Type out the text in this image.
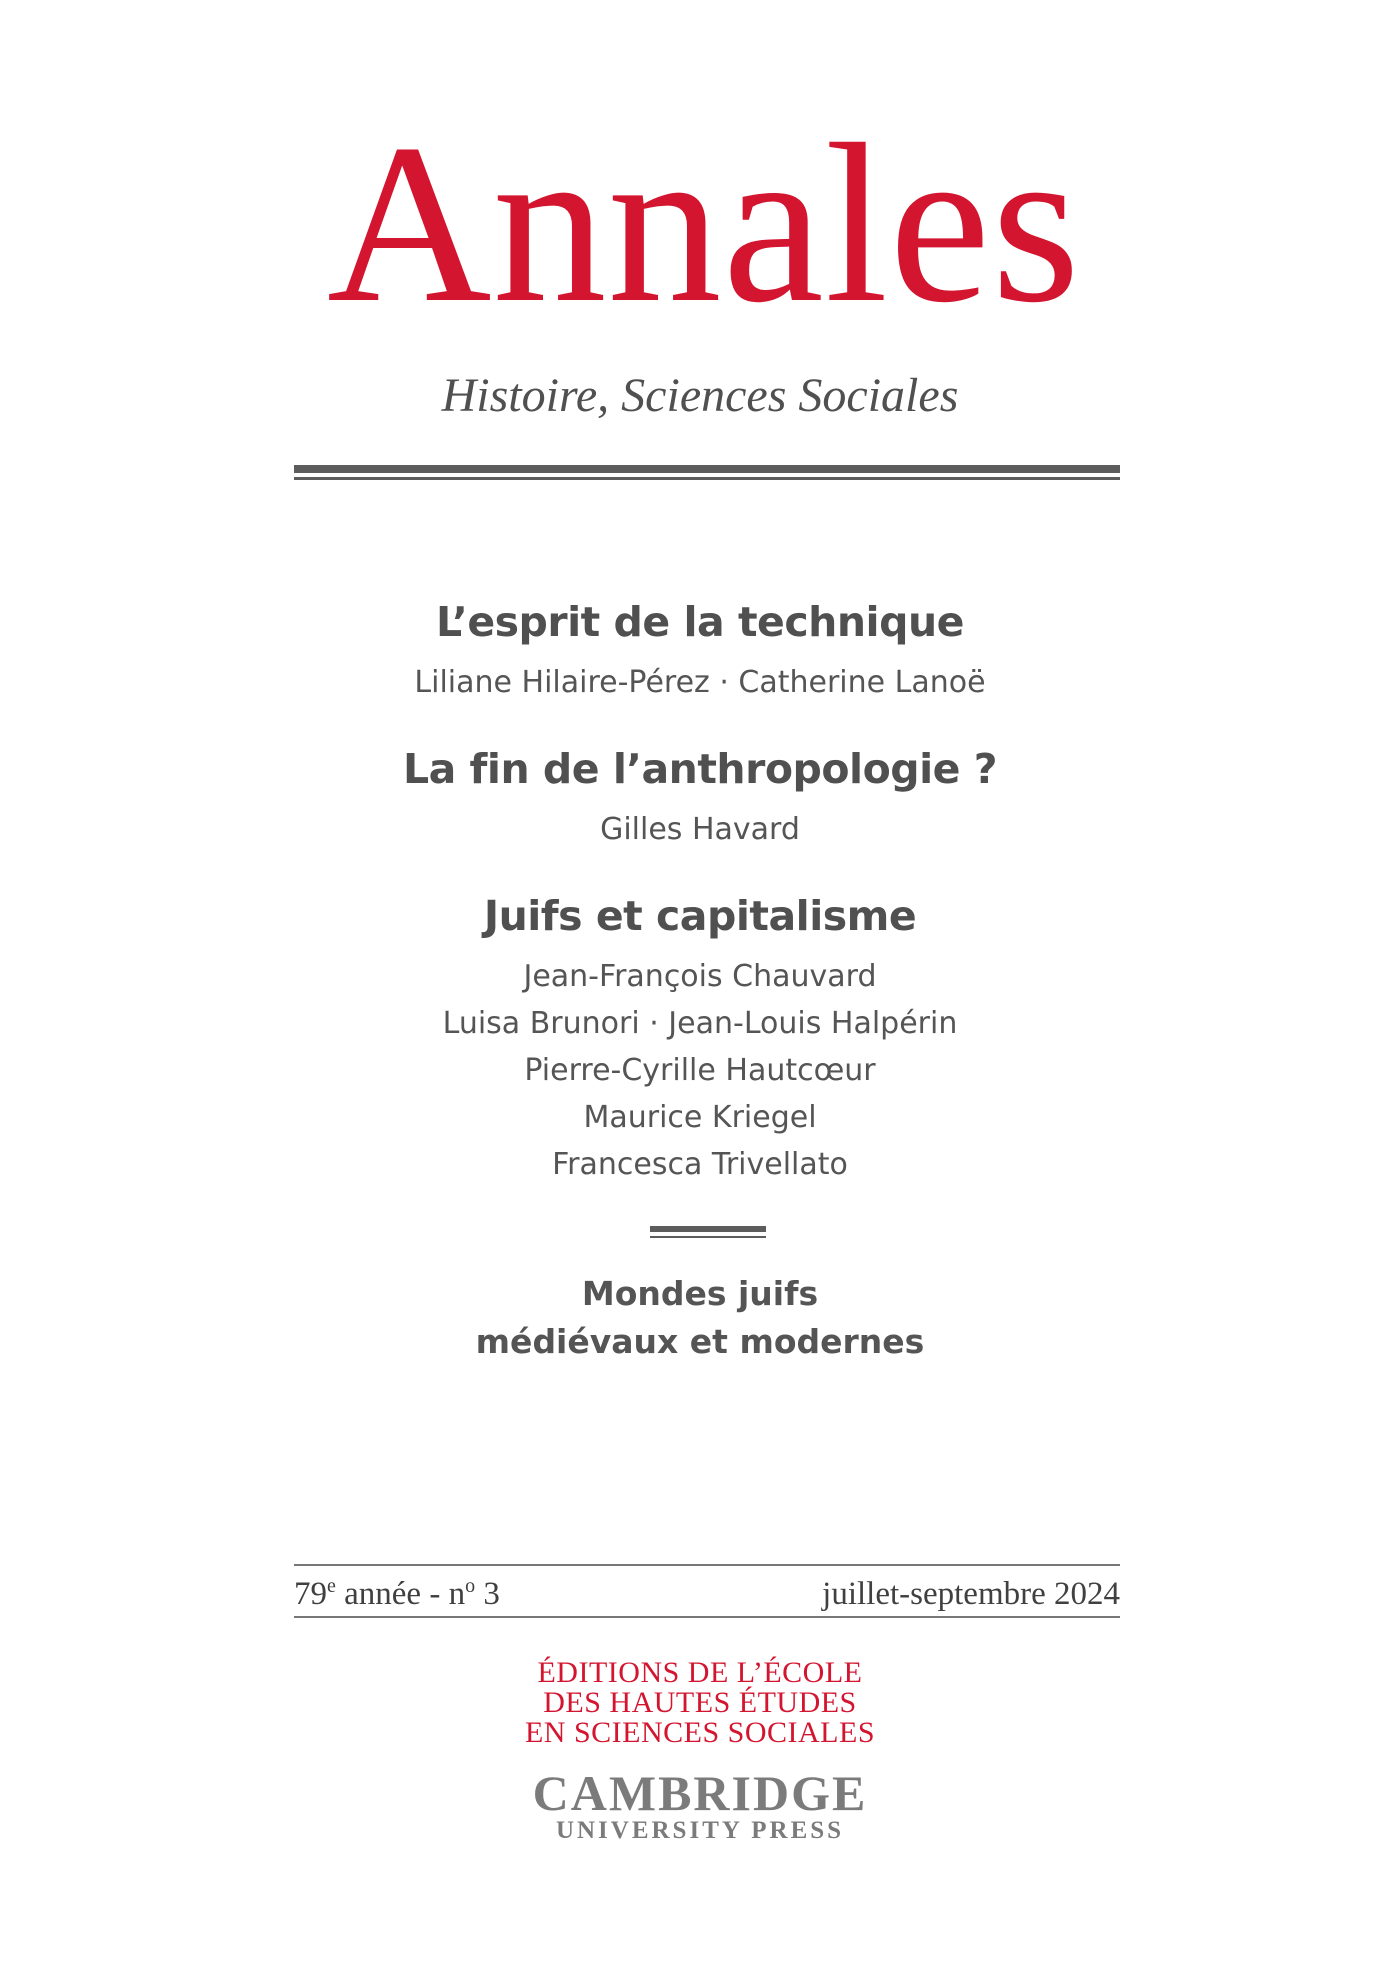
Annales
Histoire, Sciences Sociales
L’esprit de la technique
Liliane Hilaire-Pérez · Catherine Lanoë
La fin de l’anthropologie ?
Gilles Havard
Juifs et capitalisme
Jean-François Chauvard
Luisa Brunori · Jean-Louis Halpérin
Pierre-Cyrille Hautcœur
Maurice Kriegel
Francesca Trivellato
Mondes juifs
médiévaux et modernes
79e année - $n^o$ 3	juillet-septembre 2024
ÉDITIONS DE L’ÉCOLE
DES HAUTES ÉTUDES
EN SCIENCES SOCIALES
CAMBRIDGE
UNIVERSITY PRESS
